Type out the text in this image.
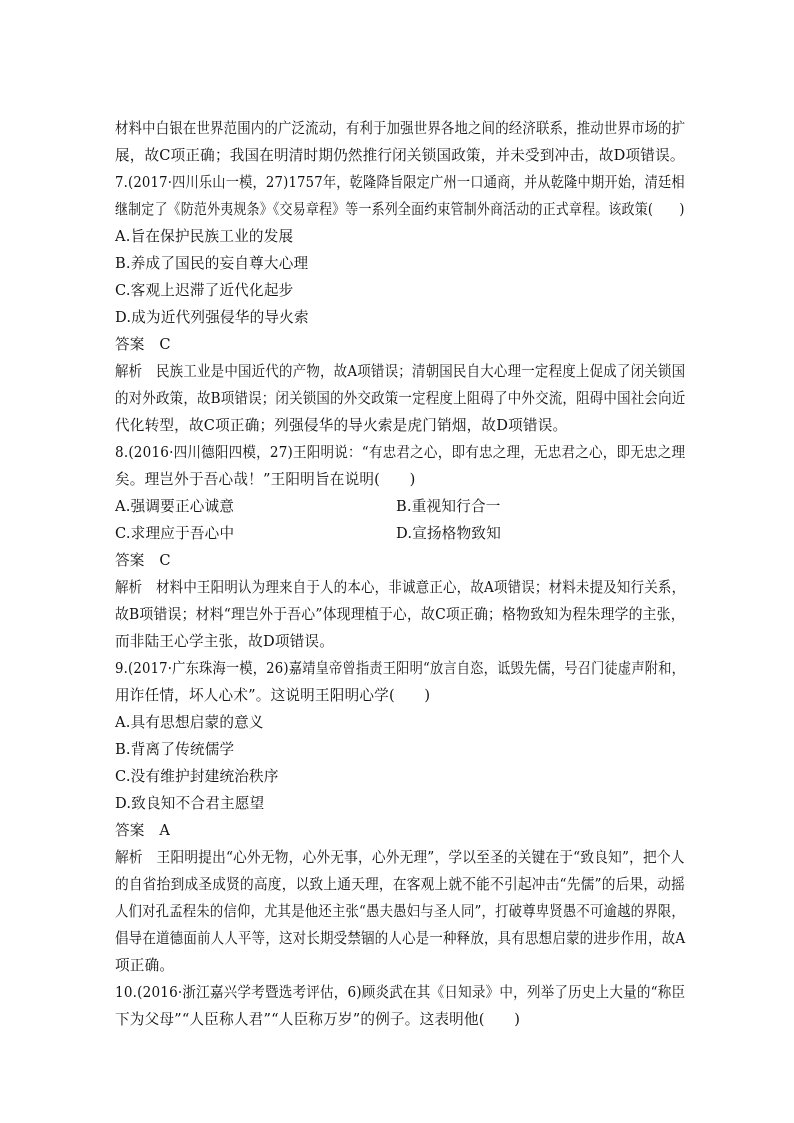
材料中白银在世界范围内的广泛流动，有利于加强世界各地之间的经济联系，推动世界市场的扩
展，故C项正确；我国在明清时期仍然推行闭关锁国政策，并未受到冲击，故D项错误。
7.(2017·四川乐山一模，27)1757年，乾隆降旨限定广州一口通商，并从乾隆中期开始，清廷相
继制定了《防范外夷规条》《交易章程》等一系列全面约束管制外商活动的正式章程。该政策(　　)
A.旨在保护民族工业的发展
B.养成了国民的妄自尊大心理
C.客观上迟滞了近代化起步
D.成为近代列强侵华的导火索
答案　C
解析　民族工业是中国近代的产物，故A项错误；清朝国民自大心理一定程度上促成了闭关锁国
的对外政策，故B项错误；闭关锁国的外交政策一定程度上阻碍了中外交流，阻碍中国社会向近
代化转型，故C项正确；列强侵华的导火索是虎门销烟，故D项错误。
8.(2016·四川德阳四模，27)王阳明说：“有忠君之心，即有忠之理，无忠君之心，即无忠之理
矣。理岂外于吾心哉！”王阳明旨在说明(　　)
A.强调要正心诚意	B.重视知行合一
C.求理应于吾心中	D.宣扬格物致知
答案　C
解析　材料中王阳明认为理来自于人的本心，非诚意正心，故A项错误；材料未提及知行关系，
故B项错误；材料“理岂外于吾心”体现理植于心，故C项正确；格物致知为程朱理学的主张，
而非陆王心学主张，故D项错误。
9.(2017·广东珠海一模，26)嘉靖皇帝曾指责王阳明“放言自恣，诋毁先儒，号召门徒虚声附和，
用诈任情，坏人心术”。这说明王阳明心学(　　)
A.具有思想启蒙的意义
B.背离了传统儒学
C.没有维护封建统治秩序
D.致良知不合君主愿望
答案　A
解析　王阳明提出“心外无物，心外无事，心外无理”，学以至圣的关键在于“致良知”，把个人
的自省抬到成圣成贤的高度，以致上通天理，在客观上就不能不引起冲击“先儒”的后果，动摇
人们对孔孟程朱的信仰，尤其是他还主张“愚夫愚妇与圣人同”，打破尊卑贤愚不可逾越的界限，
倡导在道德面前人人平等，这对长期受禁锢的人心是一种释放，具有思想启蒙的进步作用，故A
项正确。
10.(2016·浙江嘉兴学考暨选考评估，6)顾炎武在其《日知录》中，列举了历史上大量的“称臣
下为父母”“人臣称人君”“人臣称万岁”的例子。这表明他(　　)
